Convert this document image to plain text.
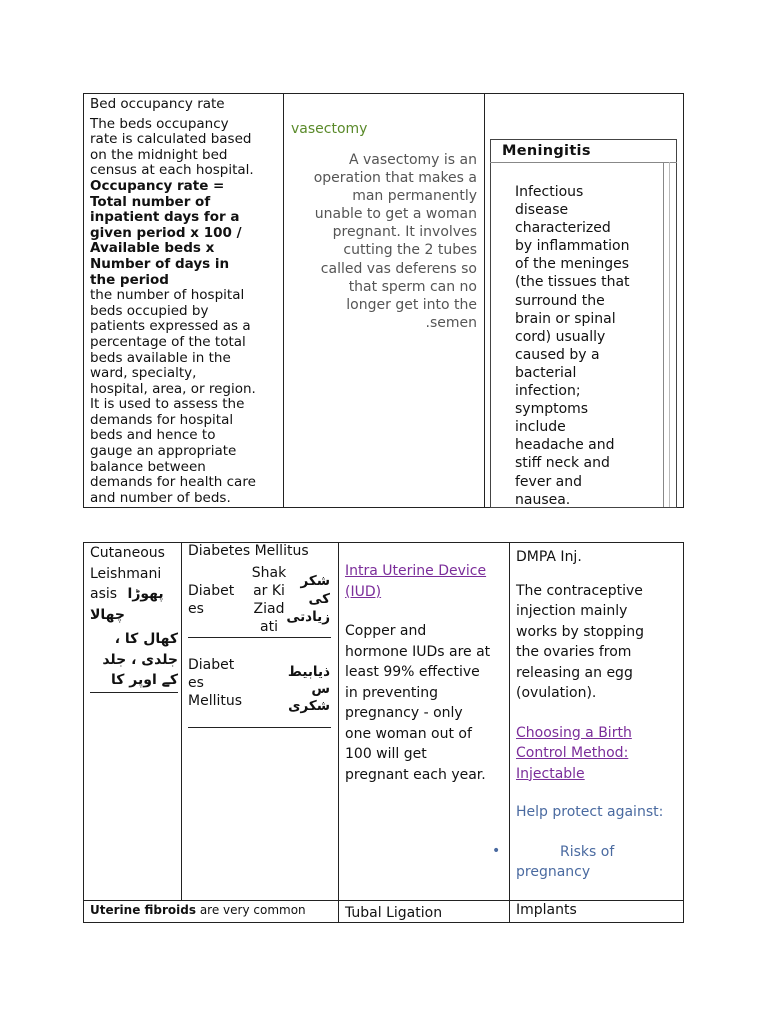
Bed occupancy rate
The beds occupancy
rate is calculated based
on the midnight bed
census at each hospital.
Occupancy rate =
Total number of
inpatient days for a
given period x 100 /
Available beds x
Number of days in
the period
the number of hospital
beds occupied by
patients expressed as a
percentage of the total
beds available in the
ward, specialty,
hospital, area, or region.
It is used to assess the
demands for hospital
beds and hence to
gauge an appropriate
balance between
demands for health care
and number of beds.
vasectomy
A vasectomy is an
operation that makes a
man permanently
unable to get a woman
pregnant. It involves
cutting the 2 tubes
called vas deferens so
that sperm can no
longer get into the
.semen
Meningitis
Infectious
disease
characterized
by inflammation
of the meninges
(the tissues that
surround the
brain or spinal
cord) usually
caused by a
bacterial
infection;
symptoms
include
headache and
stiff neck and
fever and
nausea.
Cutaneous
Leishmani
asis پھوڑا
چھالا
کھال کا ،
جلدی ، جلد
کے اوپر کا
Diabetes Mellitus
Diabet
es
Shak
ar Ki
Ziad
ati
شکر
کی
زیادتی
Diabet
es
Mellitus
ذیابیط
س
شکری
Intra Uterine Device
(IUD)
Copper and
hormone IUDs are at
least 99% effective
in preventing
pregnancy - only
one woman out of
100 will get
pregnant each year.
•
DMPA Inj.
The contraceptive
injection mainly
works by stopping
the ovaries from
releasing an egg
(ovulation).
Choosing a Birth
Control Method:
Injectable
Help protect against:
Risks of
pregnancy
Uterine fibroids are very common	Tubal Ligation	Implants
